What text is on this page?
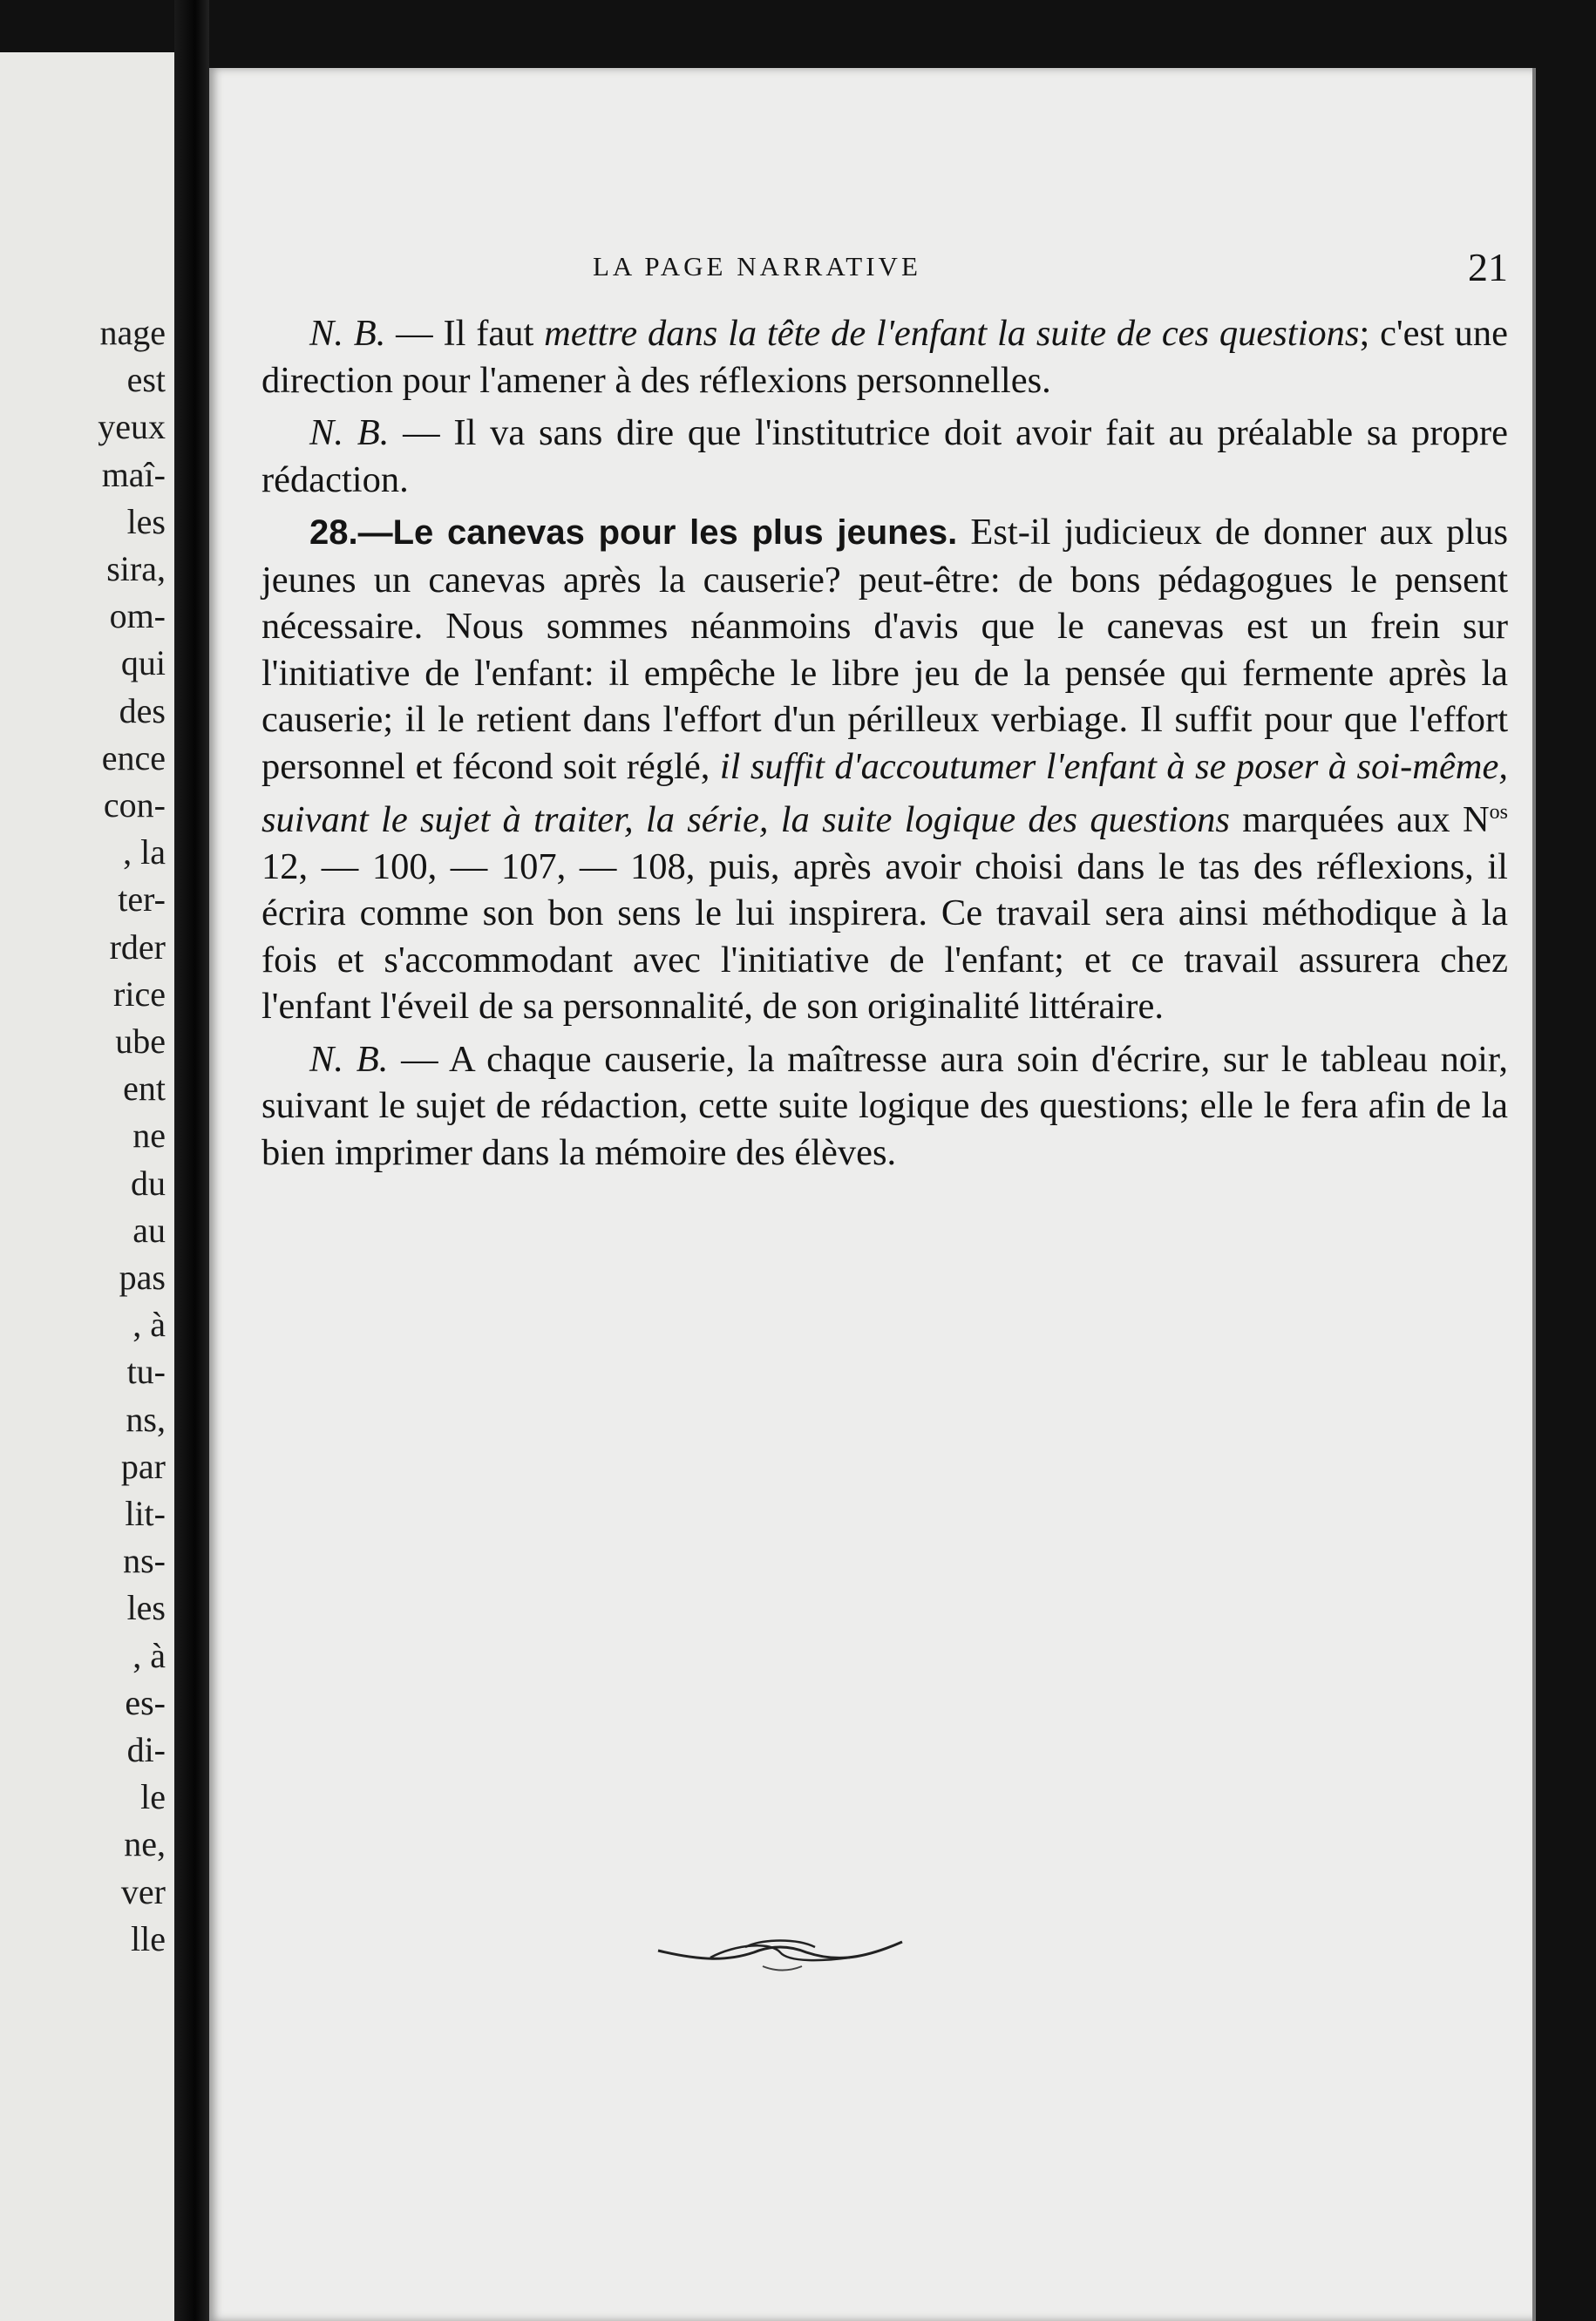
nage

est

yeux

maî-

les

sira,

om-

qui

des

ence

con-

, la

ter-

rder

rice

ube

ent

ne

du

au

pas

, à

tu-

ns,

par

lit-

ns-

les

, à

es-

di-

le

ne,

ver

lle

LA PAGE NARRATIVE	21

N. B. — Il faut mettre dans la tête de l'enfant la suite de ces questions; c'est une direction pour l'amener à des réflexions personnelles.

N. B. — Il va sans dire que l'institutrice doit avoir fait au préalable sa propre rédaction.

28.—Le canevas pour les plus jeunes. Est-il judicieux de donner aux plus jeunes un canevas après la causerie? peut-être: de bons pédagogues le pensent nécessaire. Nous sommes néanmoins d'avis que le canevas est un frein sur l'initiative de l'enfant: il empêche le libre jeu de la pensée qui fermente après la causerie; il le retient dans l'effort d'un périlleux verbiage. Il suffit pour que l'effort personnel et fécond soit réglé, il suffit d'accoutumer l'enfant à se poser à soi-même, suivant le sujet à traiter, la série, la suite logique des questions marquées aux $N^{os}$ 12, — 100, — 107, — 108, puis, après avoir choisi dans le tas des réflexions, il écrira comme son bon sens le lui inspirera. Ce travail sera ainsi méthodique à la fois et s'accommodant avec l'initiative de l'enfant; et ce travail assurera chez l'enfant l'éveil de sa personnalité, de son originalité littéraire.

N. B. — A chaque causerie, la maîtresse aura soin d'écrire, sur le tableau noir, suivant le sujet de rédaction, cette suite logique des questions; elle le fera afin de la bien imprimer dans la mémoire des élèves.
